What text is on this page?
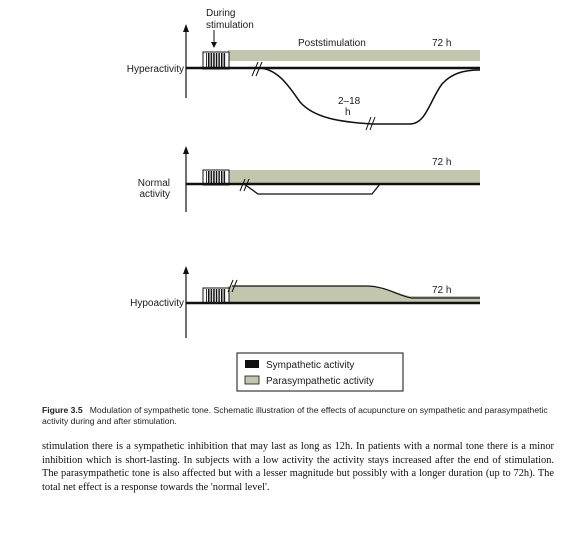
During
stimulation
Poststimulation	72 h
2–18
h
Hyperactivity
72 h
Normal
activity
72 h
Hypoactivity
Sympathetic activity
Parasympathetic activity
Figure 3.5 Modulation of sympathetic tone. Schematic illustration of the effects of acupuncture on sympathetic and parasympathetic activity during and after stimulation.

stimulation there is a sympathetic inhibition that may last as long as 12h. In patients with a normal tone there is a minor inhibition which is short-lasting. In subjects with a low activity the activity stays increased after the end of stimulation. The parasympathetic tone is also affected but with a lesser magnitude but possibly with a longer duration (up to 72h). The total net effect is a response towards the 'normal level'.
